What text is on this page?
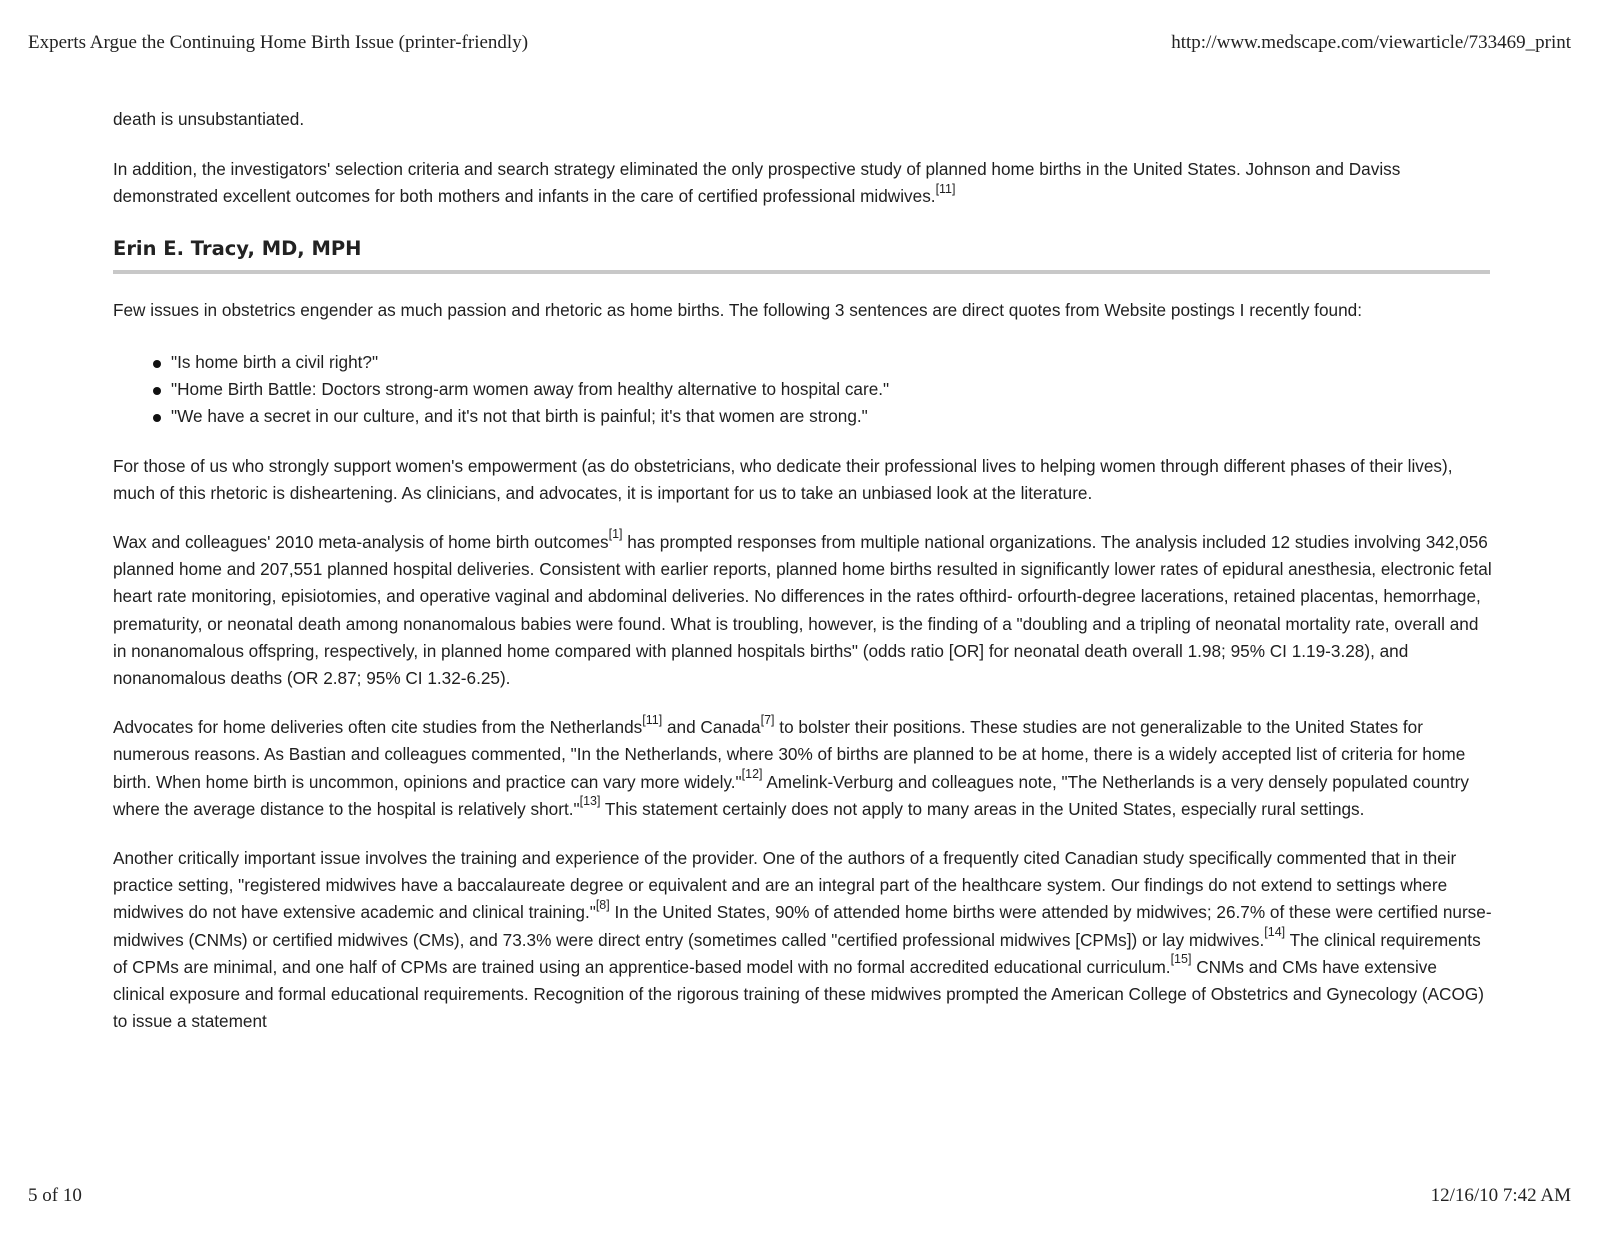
Experts Argue the Continuing Home Birth Issue (printer-friendly)	http://www.medscape.com/viewarticle/733469_print

death is unsubstantiated.

In addition, the investigators' selection criteria and search strategy eliminated the only prospective study of planned home births in the United States. Johnson and Daviss demonstrated excellent outcomes for both mothers and infants in the care of certified professional midwives.[11]

Erin E. Tracy, MD, MPH

Few issues in obstetrics engender as much passion and rhetoric as home births. The following 3 sentences are direct quotes from Website postings I recently found:

"Is home birth a civil right?"
"Home Birth Battle: Doctors strong-arm women away from healthy alternative to hospital care."
"We have a secret in our culture, and it's not that birth is painful; it's that women are strong."

For those of us who strongly support women's empowerment (as do obstetricians, who dedicate their professional lives to helping women through different phases of their lives), much of this rhetoric is disheartening. As clinicians, and advocates, it is important for us to take an unbiased look at the literature.

Wax and colleagues' 2010 meta-analysis of home birth outcomes[1] has prompted responses from multiple national organizations. The analysis included 12 studies involving 342,056 planned home and 207,551 planned hospital deliveries. Consistent with earlier reports, planned home births resulted in significantly lower rates of epidural anesthesia, electronic fetal heart rate monitoring, episiotomies, and operative vaginal and abdominal deliveries. No differences in the rates ofthird- orfourth-degree lacerations, retained placentas, hemorrhage, prematurity, or neonatal death among nonanomalous babies were found. What is troubling, however, is the finding of a "doubling and a tripling of neonatal mortality rate, overall and in nonanomalous offspring, respectively, in planned home compared with planned hospitals births" (odds ratio [OR] for neonatal death overall 1.98; 95% CI 1.19-3.28), and nonanomalous deaths (OR 2.87; 95% CI 1.32-6.25).

Advocates for home deliveries often cite studies from the Netherlands[11] and Canada[7] to bolster their positions. These studies are not generalizable to the United States for numerous reasons. As Bastian and colleagues commented, "In the Netherlands, where 30% of births are planned to be at home, there is a widely accepted list of criteria for home birth. When home birth is uncommon, opinions and practice can vary more widely."[12] Amelink-Verburg and colleagues note, "The Netherlands is a very densely populated country where the average distance to the hospital is relatively short."[13] This statement certainly does not apply to many areas in the United States, especially rural settings.

Another critically important issue involves the training and experience of the provider. One of the authors of a frequently cited Canadian study specifically commented that in their practice setting, "registered midwives have a baccalaureate degree or equivalent and are an integral part of the healthcare system. Our findings do not extend to settings where midwives do not have extensive academic and clinical training."[8] In the United States, 90% of attended home births were attended by midwives; 26.7% of these were certified nurse-midwives (CNMs) or certified midwives (CMs), and 73.3% were direct entry (sometimes called "certified professional midwives [CPMs]) or lay midwives.[14] The clinical requirements of CPMs are minimal, and one half of CPMs are trained using an apprentice-based model with no formal accredited educational curriculum.[15] CNMs and CMs have extensive clinical exposure and formal educational requirements. Recognition of the rigorous training of these midwives prompted the American College of Obstetrics and Gynecology (ACOG) to issue a statement

5 of 10	12/16/10 7:42 AM
